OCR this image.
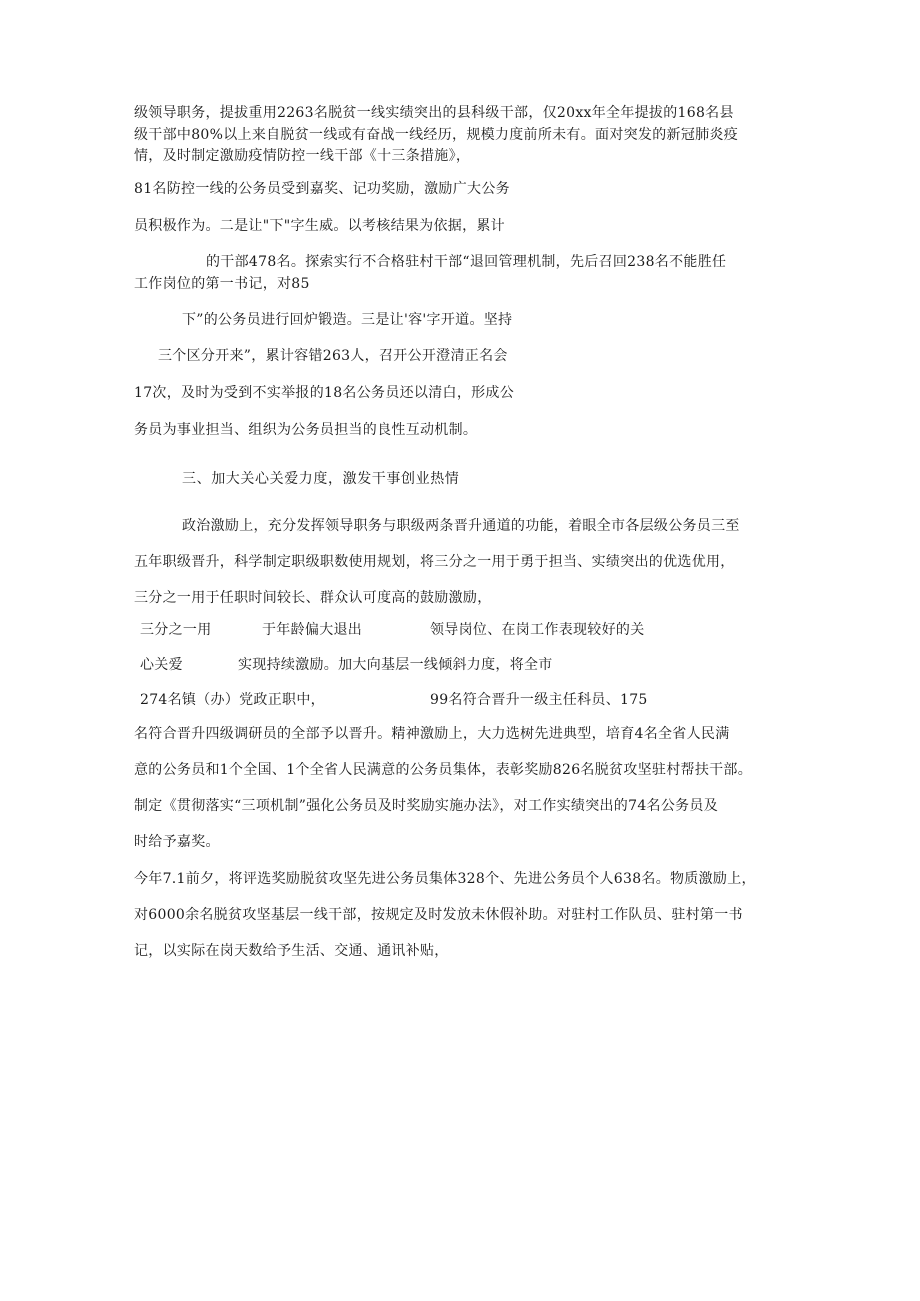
级领导职务，提拔重用2263名脱贫一线实绩突出的县科级干部，仅20xx年全年提拔的168名县
级干部中80%以上来自脱贫一线或有奋战一线经历，规模力度前所未有。面对突发的新冠肺炎疫
情，及时制定激励疫情防控一线干部《十三条措施》，
81名防控一线的公务员受到嘉奖、记功奖励，激励广大公务
员积极作为。二是让"下"字生威。以考核结果为依据，累计
的干部478名。探索实行不合格驻村干部“退回管理机制，先后召回238名不能胜任
工作岗位的第一书记，对85
下”的公务员进行回炉锻造。三是让'容'字开道。坚持
三个区分开来”，累计容错263人，召开公开澄清正名会
17次，及时为受到不实举报的18名公务员还以清白，形成公
务员为事业担当、组织为公务员担当的良性互动机制。
三、加大关心关爱力度，激发干事创业热情
政治激励上，充分发挥领导职务与职级两条晋升通道的功能，着眼全市各层级公务员三至
五年职级晋升，科学制定职级职数使用规划，将三分之一用于勇于担当、实绩突出的优选优用，
三分之一用于任职时间较长、群众认可度高的鼓励激励，
三分之一用	于年龄偏大退出	领导岗位、在岗工作表现较好的关
心关爱	实现持续激励。加大向基层一线倾斜力度，将全市
274名镇（办）党政正职中，	99名符合晋升一级主任科员、175
名符合晋升四级调研员的全部予以晋升。精神激励上，大力选树先进典型，培育4名全省人民满
意的公务员和1个全国、1个全省人民满意的公务员集体，表彰奖励826名脱贫攻坚驻村帮扶干部。
制定《贯彻落实“三项机制”强化公务员及时奖励实施办法》，对工作实绩突出的74名公务员及
时给予嘉奖。
今年7.1前夕，将评选奖励脱贫攻坚先进公务员集体328个、先进公务员个人638名。物质激励上，
对6000余名脱贫攻坚基层一线干部，按规定及时发放未休假补助。对驻村工作队员、驻村第一书
记，以实际在岗天数给予生活、交通、通讯补贴，
